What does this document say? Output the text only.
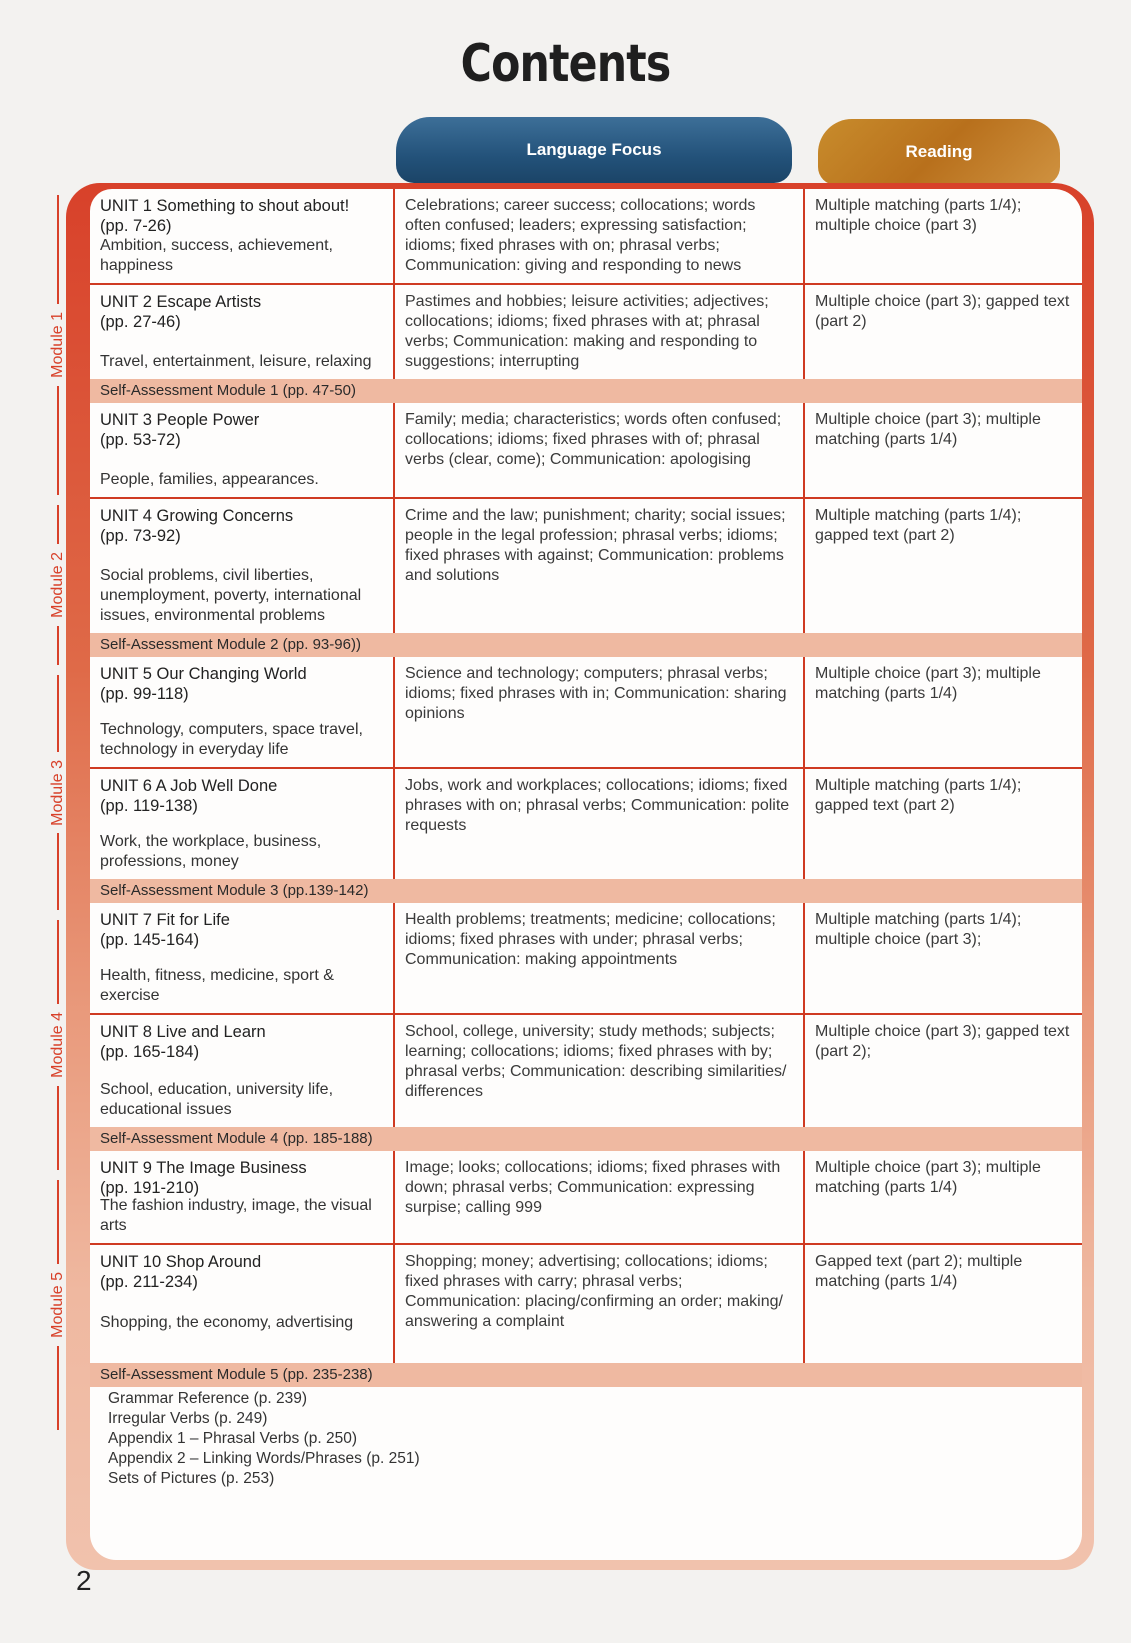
Contents
Language Focus	Reading
Module 1
Module 2
Module 3
Module 4
Module 5
UNIT 1 Something to shout about!
(pp. 7-26)
Ambition, success, achievement, happiness
Celebrations; career success; collocations; words often confused; leaders; expressing satisfaction; idioms; fixed phrases with on; phrasal verbs; Communication: giving and responding to news
Multiple matching (parts 1/4); multiple choice (part 3)
UNIT 2 Escape Artists
(pp. 27-46)
Travel, entertainment, leisure, relaxing
Pastimes and hobbies; leisure activities; adjectives; collocations; idioms; fixed phrases with at; phrasal verbs; Communication: making and responding to suggestions; interrupting
Multiple choice (part 3); gapped text (part 2)
Self-Assessment Module 1 (pp. 47-50)
UNIT 3 People Power
(pp. 53-72)
People, families, appearances.
Family; media; characteristics; words often confused; collocations; idioms; fixed phrases with of; phrasal verbs (clear, come); Communication: apologising
Multiple choice (part 3); multiple matching (parts 1/4)
UNIT 4 Growing Concerns
(pp. 73-92)
Social problems, civil liberties, unemployment, poverty, international issues, environmental problems
Crime and the law; punishment; charity; social issues; people in the legal profession; phrasal verbs; idioms; fixed phrases with against; Communication: problems and solutions
Multiple matching (parts 1/4); gapped text (part 2)
Self-Assessment Module 2 (pp. 93-96))
UNIT 5 Our Changing World
(pp. 99-118)
Technology, computers, space travel, technology in everyday life
Science and technology; computers; phrasal verbs; idioms; fixed phrases with in; Communication: sharing opinions
Multiple choice (part 3); multiple matching (parts 1/4)
UNIT 6 A Job Well Done
(pp. 119-138)
Work, the workplace, business, professions, money
Jobs, work and workplaces; collocations; idioms; fixed phrases with on; phrasal verbs; Communication: polite requests
Multiple matching (parts 1/4); gapped text (part 2)
Self-Assessment Module 3 (pp.139-142)
UNIT 7 Fit for Life
(pp. 145-164)
Health, fitness, medicine, sport & exercise
Health problems; treatments; medicine; collocations; idioms; fixed phrases with under; phrasal verbs; Communication: making appointments
Multiple matching (parts 1/4); multiple choice (part 3);
UNIT 8 Live and Learn
(pp. 165-184)
School, education, university life, educational issues
School, college, university; study methods; subjects; learning; collocations; idioms; fixed phrases with by; phrasal verbs; Communication: describing similarities/ differences
Multiple choice (part 3); gapped text (part 2);
Self-Assessment Module 4 (pp. 185-188)
UNIT 9 The Image Business
(pp. 191-210)
The fashion industry, image, the visual arts
Image; looks; collocations; idioms; fixed phrases with down; phrasal verbs; Communication: expressing surpise; calling 999
Multiple choice (part 3); multiple matching (parts 1/4)
UNIT 10 Shop Around
(pp. 211-234)
Shopping, the economy, advertising
Shopping; money; advertising; collocations; idioms; fixed phrases with carry; phrasal verbs; Communication: placing/confirming an order; making/ answering a complaint
Gapped text (part 2); multiple matching (parts 1/4)
Self-Assessment Module 5 (pp. 235-238)
Grammar Reference (p. 239)
Irregular Verbs (p. 249)
Appendix 1 – Phrasal Verbs (p. 250)
Appendix 2 – Linking Words/Phrases (p. 251)
Sets of Pictures (p. 253)
2
